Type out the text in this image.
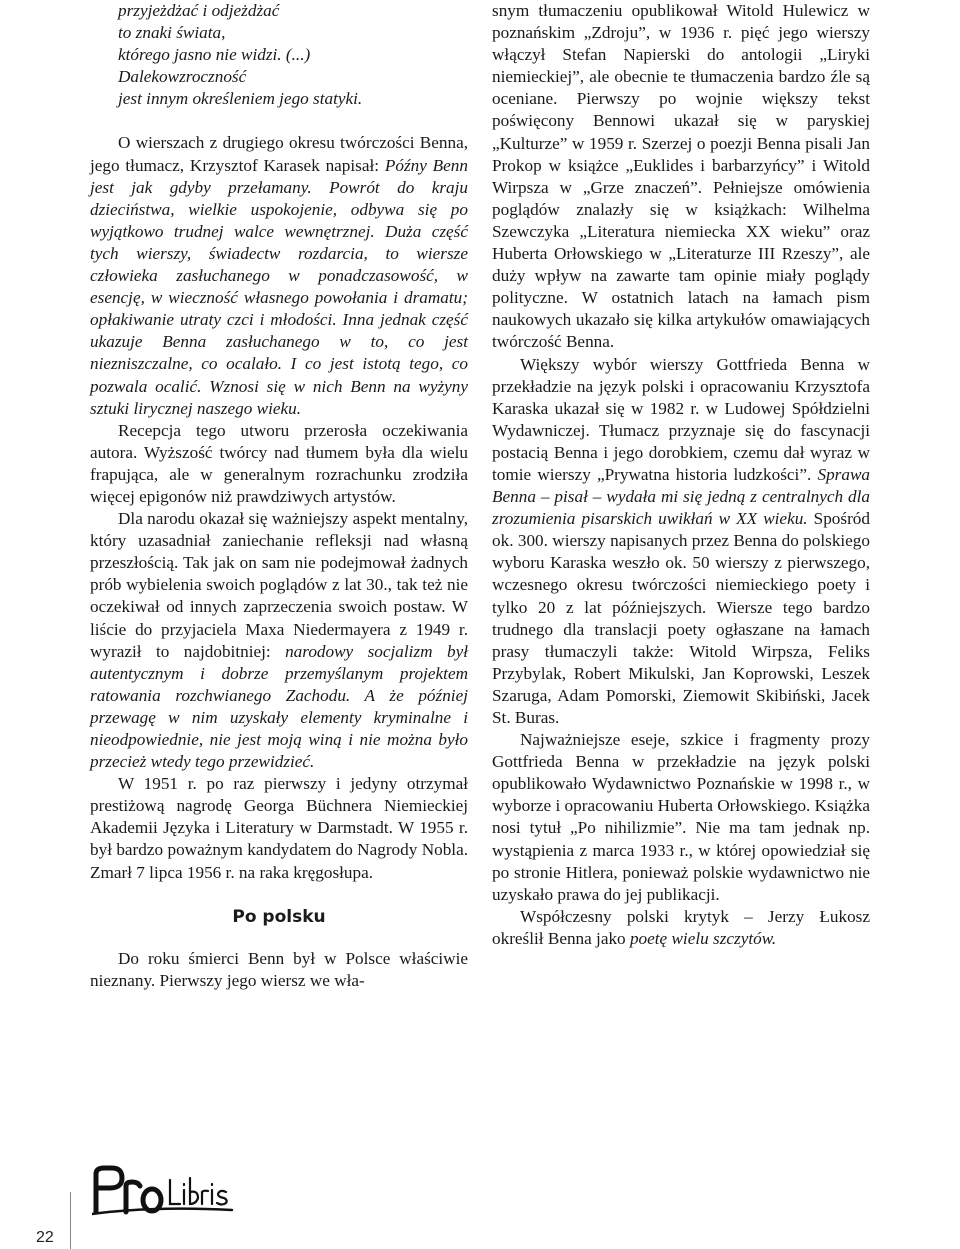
przyjeżdżać i odjeżdżać
to znaki świata,
którego jasno nie widzi. (...)
Dalekowzroczność
jest innym określeniem jego statyki.

O wierszach z drugiego okresu twórczości Benna, jego tłumacz, Krzysztof Karasek napisał: Późny Benn jest jak gdyby przełamany. Powrót do kraju dzieciństwa, wielkie uspokojenie, odbywa się po wyjątkowo trudnej walce wewnętrznej. Duża część tych wierszy, świadectw rozdarcia, to wiersze człowieka zasłuchanego w ponadczasowość, w esencję, w wieczność własnego powołania i dramatu; opłakiwanie utraty czci i młodości. Inna jednak część ukazuje Benna zasłuchanego w to, co jest niezniszczalne, co ocalało. I co jest istotą tego, co pozwala ocalić. Wznosi się w nich Benn na wyżyny sztuki lirycznej naszego wieku.

Recepcja tego utworu przerosła oczekiwania autora. Wyższość twórcy nad tłumem była dla wielu frapująca, ale w generalnym rozrachunku zrodziła więcej epigonów niż prawdziwych artystów.

Dla narodu okazał się ważniejszy aspekt mentalny, który uzasadniał zaniechanie refleksji nad własną przeszłością. Tak jak on sam nie podejmował żadnych prób wybielenia swoich poglądów z lat 30., tak też nie oczekiwał od innych zaprzeczenia swoich postaw. W liście do przyjaciela Maxa Niedermayera z 1949 r. wyraził to najdobitniej: narodowy socjalizm był autentycznym i dobrze przemyślanym projektem ratowania rozchwianego Zachodu. A że później przewagę w nim uzyskały elementy kryminalne i nieodpowiednie, nie jest moją winą i nie można było przecież wtedy tego przewidzieć.

W 1951 r. po raz pierwszy i jedyny otrzymał prestiżową nagrodę Georga Büchnera Niemieckiej Akademii Języka i Literatury w Darmstadt. W 1955 r. był bardzo poważnym kandydatem do Nagrody Nobla. Zmarł 7 lipca 1956 r. na raka kręgosłupa.

Po polsku

Do roku śmierci Benn był w Polsce właściwie nieznany. Pierwszy jego wiersz we wła-

snym tłumaczeniu opublikował Witold Hulewicz w poznańskim „Zdroju”, w 1936 r. pięć jego wierszy włączył Stefan Napierski do antologii „Liryki niemieckiej”, ale obecnie te tłumaczenia bardzo źle są oceniane. Pierwszy po wojnie większy tekst poświęcony Bennowi ukazał się w paryskiej „Kulturze” w 1959 r. Szerzej o poezji Benna pisali Jan Prokop w książce „Euklides i barbarzyńcy” i Witold Wirpsza w „Grze znaczeń”. Pełniejsze omówienia poglądów znalazły się w książkach: Wilhelma Szewczyka „Literatura niemiecka XX wieku” oraz Huberta Orłowskiego w „Literaturze III Rzeszy”, ale duży wpływ na zawarte tam opinie miały poglądy polityczne. W ostatnich latach na łamach pism naukowych ukazało się kilka artykułów omawiających twórczość Benna.

Większy wybór wierszy Gottfrieda Benna w przekładzie na język polski i opracowaniu Krzysztofa Karaska ukazał się w 1982 r. w Ludowej Spółdzielni Wydawniczej. Tłumacz przyznaje się do fascynacji postacią Benna i jego dorobkiem, czemu dał wyraz w tomie wierszy „Prywatna historia ludzkości”. Sprawa Benna – pisał – wydała mi się jedną z centralnych dla zrozumienia pisarskich uwikłań w XX wieku. Spośród ok. 300. wierszy napisanych przez Benna do polskiego wyboru Karaska weszło ok. 50 wierszy z pierwszego, wczesnego okresu twórczości niemieckiego poety i tylko 20 z lat późniejszych. Wiersze tego bardzo trudnego dla translacji poety ogłaszane na łamach prasy tłumaczyli także: Witold Wirpsza, Feliks Przybylak, Robert Mikulski, Jan Koprowski, Leszek Szaruga, Adam Pomorski, Ziemowit Skibiński, Jacek St. Buras.

Najważniejsze eseje, szkice i fragmenty prozy Gottfrieda Benna w przekładzie na język polski opublikowało Wydawnictwo Poznańskie w 1998 r., w wyborze i opracowaniu Huberta Orłowskiego. Książka nosi tytuł „Po nihilizmie”. Nie ma tam jednak np. wystąpienia z marca 1933 r., w której opowiedział się po stronie Hitlera, ponieważ polskie wydawnictwo nie uzyskało prawa do jej publikacji.

Współczesny polski krytyk – Jerzy Łukosz określił Benna jako poetę wielu szczytów.

22
